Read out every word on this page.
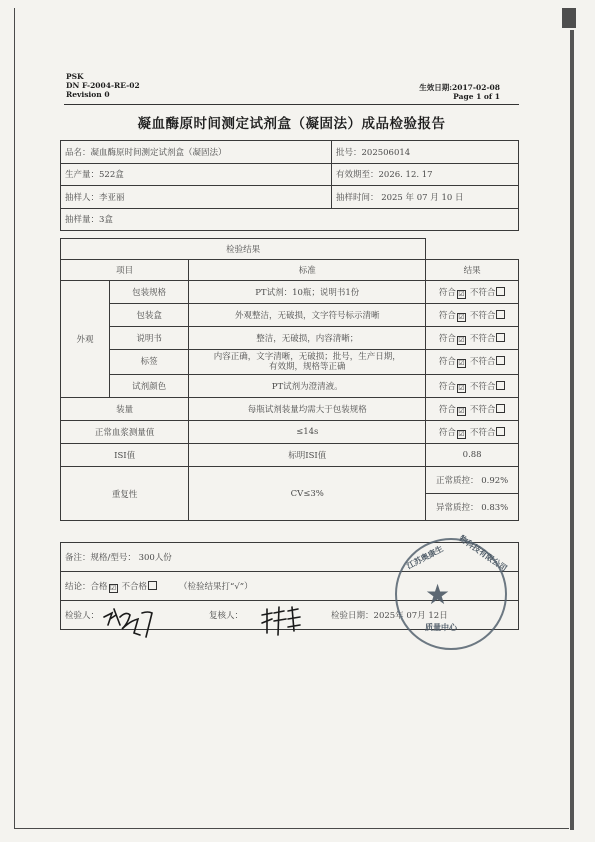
PSK
DN F-2004-RE-02
Revision 0
生效日期:2017-02-08
Page 1 of 1
凝血酶原时间测定试剂盒（凝固法）成品检验报告
品名：凝血酶原时间测定试剂盒（凝固法）	批号：202506014
生产量：522盒	有效期至：2026. 12. 17
抽样人：李亚丽	抽样时间： 2025 年 07 月 10 日
抽样量：3盒	
检验结果			
项目		标准	结果
外观	包装规格	PT试剂：10瓶；说明书1份	符合 ☑ 不符合
	包装盒	外观整洁，无破损，文字符号标示清晰	符合 ☑ 不符合
	说明书	整洁，无破损，内容清晰；	符合 ☑ 不符合
	标签	内容正确，文字清晰，无破损；批号，生产日期，
有效期，规格等正确	符合 ☑ 不符合
	试剂颜色	PT试剂为澄清液。	符合 ☑ 不符合
装量		每瓶试剂装量均需大于包装规格	符合 ☑ 不符合
正常血浆测量值		≤14s	符合 ☑ 不符合
ISI值		标明ISI值	0.88
重复性		CV≤3%	正常质控： 0.92%
			异常质控： 0.83%
备注：规格/型号： 300人份
结论：合格 ☑ 不合格	（检验结果打“√”）
检验人：	复核人：	检验日期：2025年 07月 12日
★
江苏奥康生 物科技有限公司
质量中心
